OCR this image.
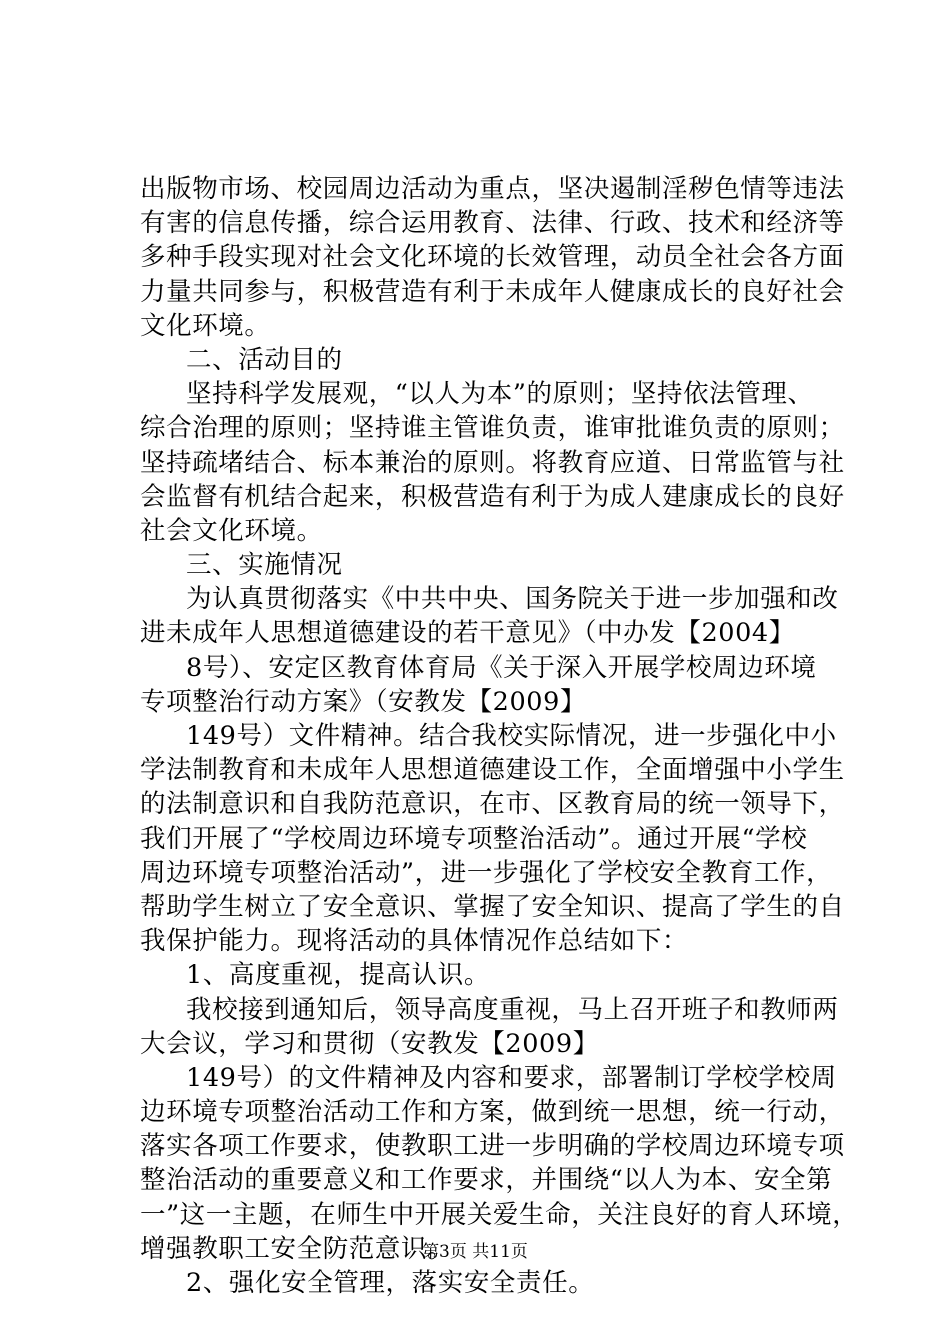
出版物市场、校园周边活动为重点，坚决遏制淫秽色情等违法
有害的信息传播，综合运用教育、法律、行政、技术和经济等
多种手段实现对社会文化环境的长效管理，动员全社会各方面
力量共同参与，积极营造有利于未成年人健康成长的良好社会
文化环境。
二、活动目的
坚持科学发展观，“以人为本”的原则；坚持依法管理、
综合治理的原则；坚持谁主管谁负责，谁审批谁负责的原则；
坚持疏堵结合、标本兼治的原则。将教育应道、日常监管与社
会监督有机结合起来，积极营造有利于为成人建康成长的良好
社会文化环境。
三、实施情况
为认真贯彻落实《中共中央、国务院关于进一步加强和改
进未成年人思想道德建设的若干意见》（中办发【2004】
8号）、安定区教育体育局《关于深入开展学校周边环境
专项整治行动方案》（安教发【2009】
149号）文件精神。结合我校实际情况，进一步强化中小
学法制教育和未成年人思想道德建设工作，全面增强中小学生
的法制意识和自我防范意识，在市、区教育局的统一领导下，
我们开展了“学校周边环境专项整治活动”。通过开展“学校
周边环境专项整治活动”，进一步强化了学校安全教育工作，
帮助学生树立了安全意识、掌握了安全知识、提高了学生的自
我保护能力。现将活动的具体情况作总结如下：
1、高度重视，提高认识。
我校接到通知后，领导高度重视，马上召开班子和教师两
大会议，学习和贯彻（安教发【2009】
149号）的文件精神及内容和要求，部署制订学校学校周
边环境专项整治活动工作和方案，做到统一思想，统一行动，
落实各项工作要求，使教职工进一步明确的学校周边环境专项
整治活动的重要意义和工作要求，并围绕“以人为本、安全第
一”这一主题，在师生中开展关爱生命，关注良好的育人环境，
增强教职工安全防范意识。
2、强化安全管理，落实安全责任。
第3页 共11页
